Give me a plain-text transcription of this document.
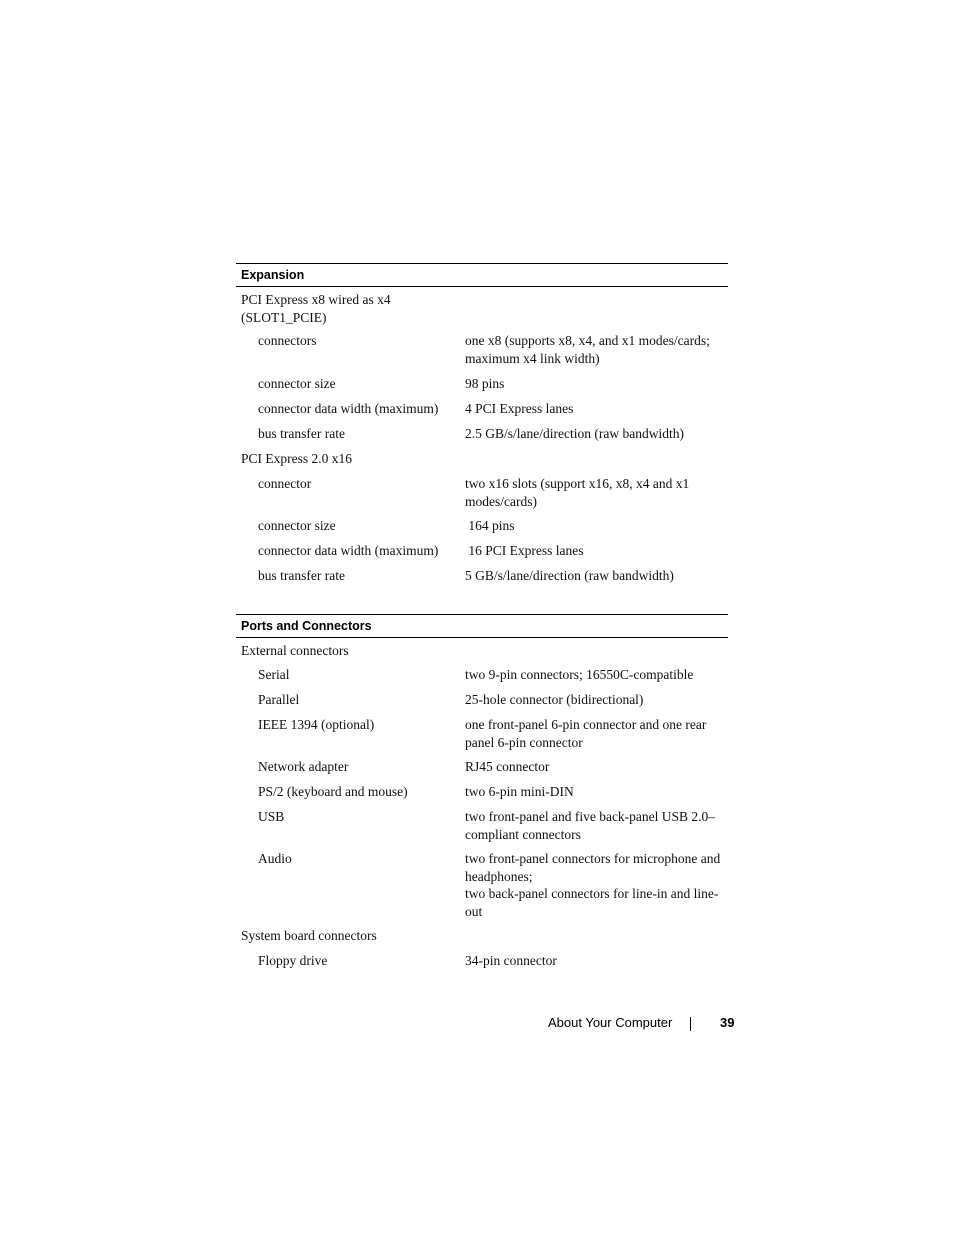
Expansion
PCI Express x8 wired as x4 (SLOT1_PCIE)
connectors	one x8 (supports x8, x4, and x1 modes/cards; maximum x4 link width)
connector size	98 pins
connector data width (maximum)	4 PCI Express lanes
bus transfer rate	2.5 GB/s/lane/direction (raw bandwidth)
PCI Express 2.0 x16
connector	two x16 slots (support x16, x8, x4 and x1 modes/cards)
connector size	164 pins
connector data width (maximum)	16 PCI Express lanes
bus transfer rate	5 GB/s/lane/direction (raw bandwidth)
Ports and Connectors
External connectors
Serial	two 9-pin connectors; 16550C-compatible
Parallel	25-hole connector (bidirectional)
IEEE 1394 (optional)	one front-panel 6-pin connector and one rear panel 6-pin connector
Network adapter	RJ45 connector
PS/2 (keyboard and mouse)	two 6-pin mini-DIN
USB	two front-panel and five back-panel USB 2.0–compliant connectors
Audio	two front-panel connectors for microphone and headphones;
two back-panel connectors for line-in and line-out
System board connectors
Floppy drive	34-pin connector
About Your Computer	39
